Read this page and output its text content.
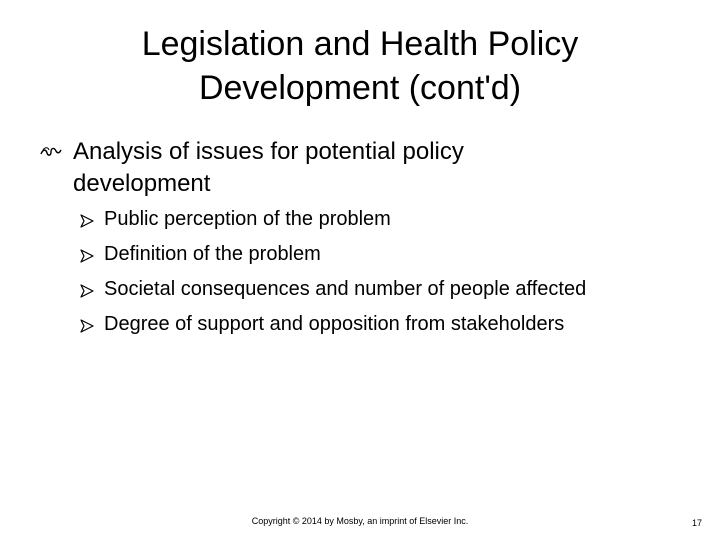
Legislation and Health Policy
Development (cont'd)
Analysis of issues for potential policy
development
Public perception of the problem
Definition of the problem
Societal consequences and number of people affected
Degree of support and opposition from stakeholders
Copyright © 2014 by Mosby, an imprint of Elsevier Inc.	17
